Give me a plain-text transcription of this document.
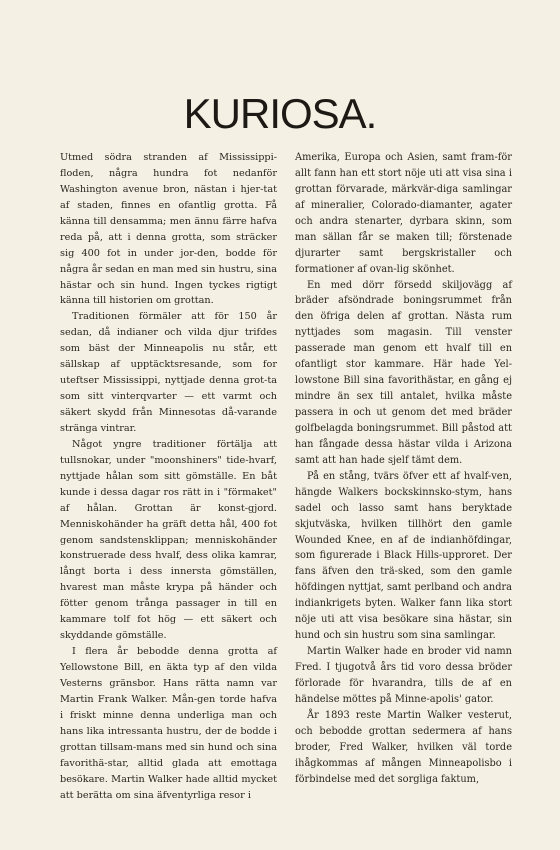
KURIOSA.

Utmed södra stranden af Mississippi-floden, några hundra fot nedanför Washington avenue bron, nästan i hjer-tat af staden, finnes en ofantlig grotta. Få känna till densamma; men ännu färre hafva reda på, att i denna grotta, som sträcker sig 400 fot in under jor-den, bodde för några år sedan en man med sin hustru, sina hästar och sin hund. Ingen tyckes rigtigt känna till historien om grottan.

Traditionen förmäler att för 150 år sedan, då indianer och vilda djur trifdes som bäst der Minneapolis nu står, ett sällskap af upptäcktsresande, som for uteftser Mississippi, nyttjade denna grot-ta som sitt vinterqvarter — ett varmt och säkert skydd från Minnesotas då-varande stränga vintrar.

Något yngre traditioner förtälja att tullsnokar, under "moonshiners" tide-hvarf, nyttjade hålan som sitt gömställe. En båt kunde i dessa dagar ros rätt in i "förmaket" af hålan. Grottan är konst-gjord. Menniskohänder ha gräft detta hål, 400 fot genom sandstensklippan; menniskohänder konstruerade dess hvalf, dess olika kamrar, långt borta i dess innersta gömställen, hvarest man måste krypa på händer och fötter genom trånga passager in till en kammare tolf fot hög — ett säkert och skyddande gömställe.

I flera år bebodde denna grotta af Yellowstone Bill, en äkta typ af den vilda Vesterns gränsbor. Hans rätta namn var Martin Frank Walker. Mån-gen torde hafva i friskt minne denna underliga man och hans lika intressanta hustru, der de bodde i grottan tillsam-mans med sin hund och sina favorithä-star, alltid glada att emottaga besökare. Martin Walker hade alltid mycket att berätta om sina äfventyrliga resor i

Amerika, Europa och Asien, samt fram-för allt fann han ett stort nöje uti att visa sina i grottan förvarade, märkvär-diga samlingar af mineralier, Colorado-diamanter, agater och andra stenarter, dyrbara skinn, som man sällan får se maken till; förstenade djurarter samt bergskristaller och formationer af ovan-lig skönhet.

En med dörr försedd skiljovägg af bräder afsöndrade boningsrummet från den öfriga delen af grottan. Nästa rum nyttjades som magasin. Till venster passerade man genom ett hvalf till en ofantligt stor kammare. Här hade Yel-lowstone Bill sina favorithästar, en gång ej mindre än sex till antalet, hvilka måste passera in och ut genom det med bräder golfbelagda boningsrummet. Bill påstod att han fångade dessa hästar vilda i Arizona samt att han hade sjelf tämt dem.

På en stång, tvärs öfver ett af hvalf-ven, hängde Walkers bockskinnsko-stym, hans sadel och lasso samt hans beryktade skjutväska, hvilken tillhört den gamle Wounded Knee, en af de indianhöfdingar, som figurerade i Black Hills-upproret. Der fans äfven den trä-sked, som den gamle höfdingen nyttjat, samt perlband och andra indiankrigets byten. Walker fann lika stort nöje uti att visa besökare sina hästar, sin hund och sin hustru som sina samlingar.

Martin Walker hade en broder vid namn Fred. I tjugotvå års tid voro dessa bröder förlorade för hvarandra, tills de af en händelse möttes på Minne-apolis' gator.

År 1893 reste Martin Walker vesterut, och bebodde grottan sedermera af hans broder, Fred Walker, hvilken väl torde ihågkommas af mången Minneapolisbo i förbindelse med det sorgliga faktum,
